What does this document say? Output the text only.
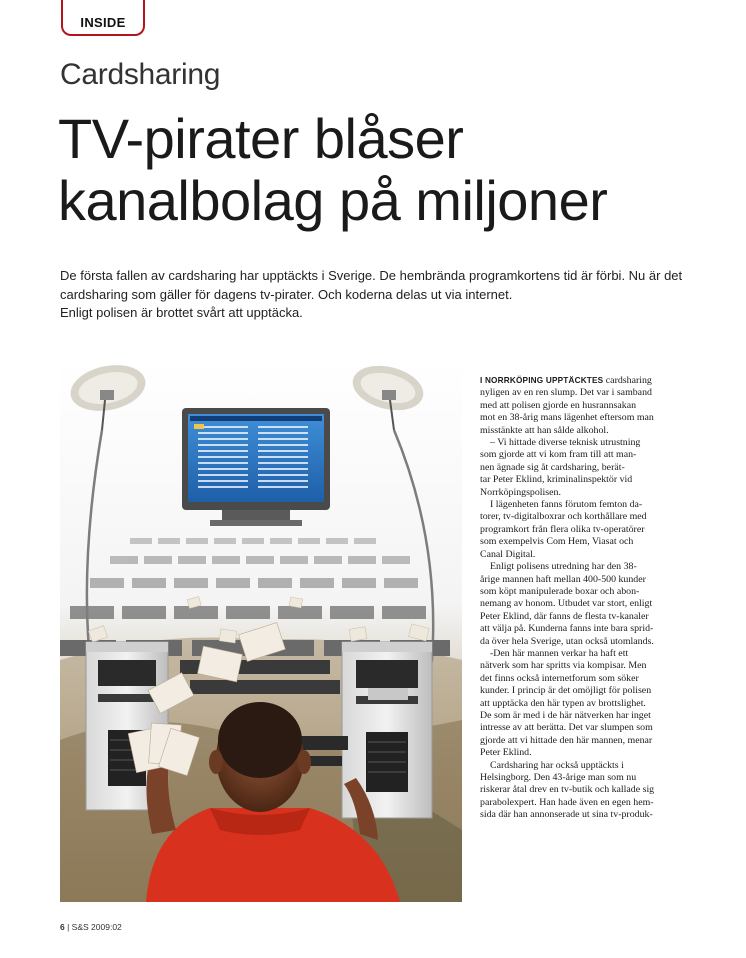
INSIDE
Cardsharing
TV-pirater blåser
kanalbolag på miljoner
De första fallen av cardsharing har upptäckts i Sverige. De hembrända programkortens tid är förbi. Nu är det
cardsharing som gäller för dagens tv-pirater. Och koderna delas ut via internet.
Enligt polisen är brottet svårt att upptäcka.

I NORRKÖPING UPPTÄCKTES cardsharing
nyligen av en ren slump. Det var i samband
med att polisen gjorde en husrannsakan
mot en 38-årig mans lägenhet eftersom man
misstänkte att han sålde alkohol.

– Vi hittade diverse teknisk utrustning
som gjorde att vi kom fram till att man-
nen ägnade sig åt cardsharing, berät-
tar Peter Eklind, kriminalinspektör vid
Norrköpingspolisen.

I lägenheten fanns förutom femton da-
torer, tv-digitalboxrar och korthållare med
programkort från flera olika tv-operatörer
som exempelvis Com Hem, Viasat och
Canal Digital.

Enligt polisens utredning har den 38-
årige mannen haft mellan 400-500 kunder
som köpt manipulerade boxar och abon-
nemang av honom. Utbudet var stort, enligt
Peter Eklind, där fanns de flesta tv-kanaler
att välja på. Kunderna fanns inte bara sprid-
da över hela Sverige, utan också utomlands.

-Den här mannen verkar ha haft ett
nätverk som har spritts via kompisar. Men
det finns också internetforum som söker
kunder. I princip är det omöjligt för polisen
att upptäcka den här typen av brottslighet.
De som är med i de här nätverken har inget
intresse av att berätta. Det var slumpen som
gjorde att vi hittade den här mannen, menar
Peter Eklind.

Cardsharing har också upptäckts i
Helsingborg. Den 43-årige man som nu
riskerar åtal drev en tv-butik och kallade sig
parabolexpert. Han hade även en egen hem-
sida där han annonserade ut sina tv-produk-

6 | S&S 2009:02
